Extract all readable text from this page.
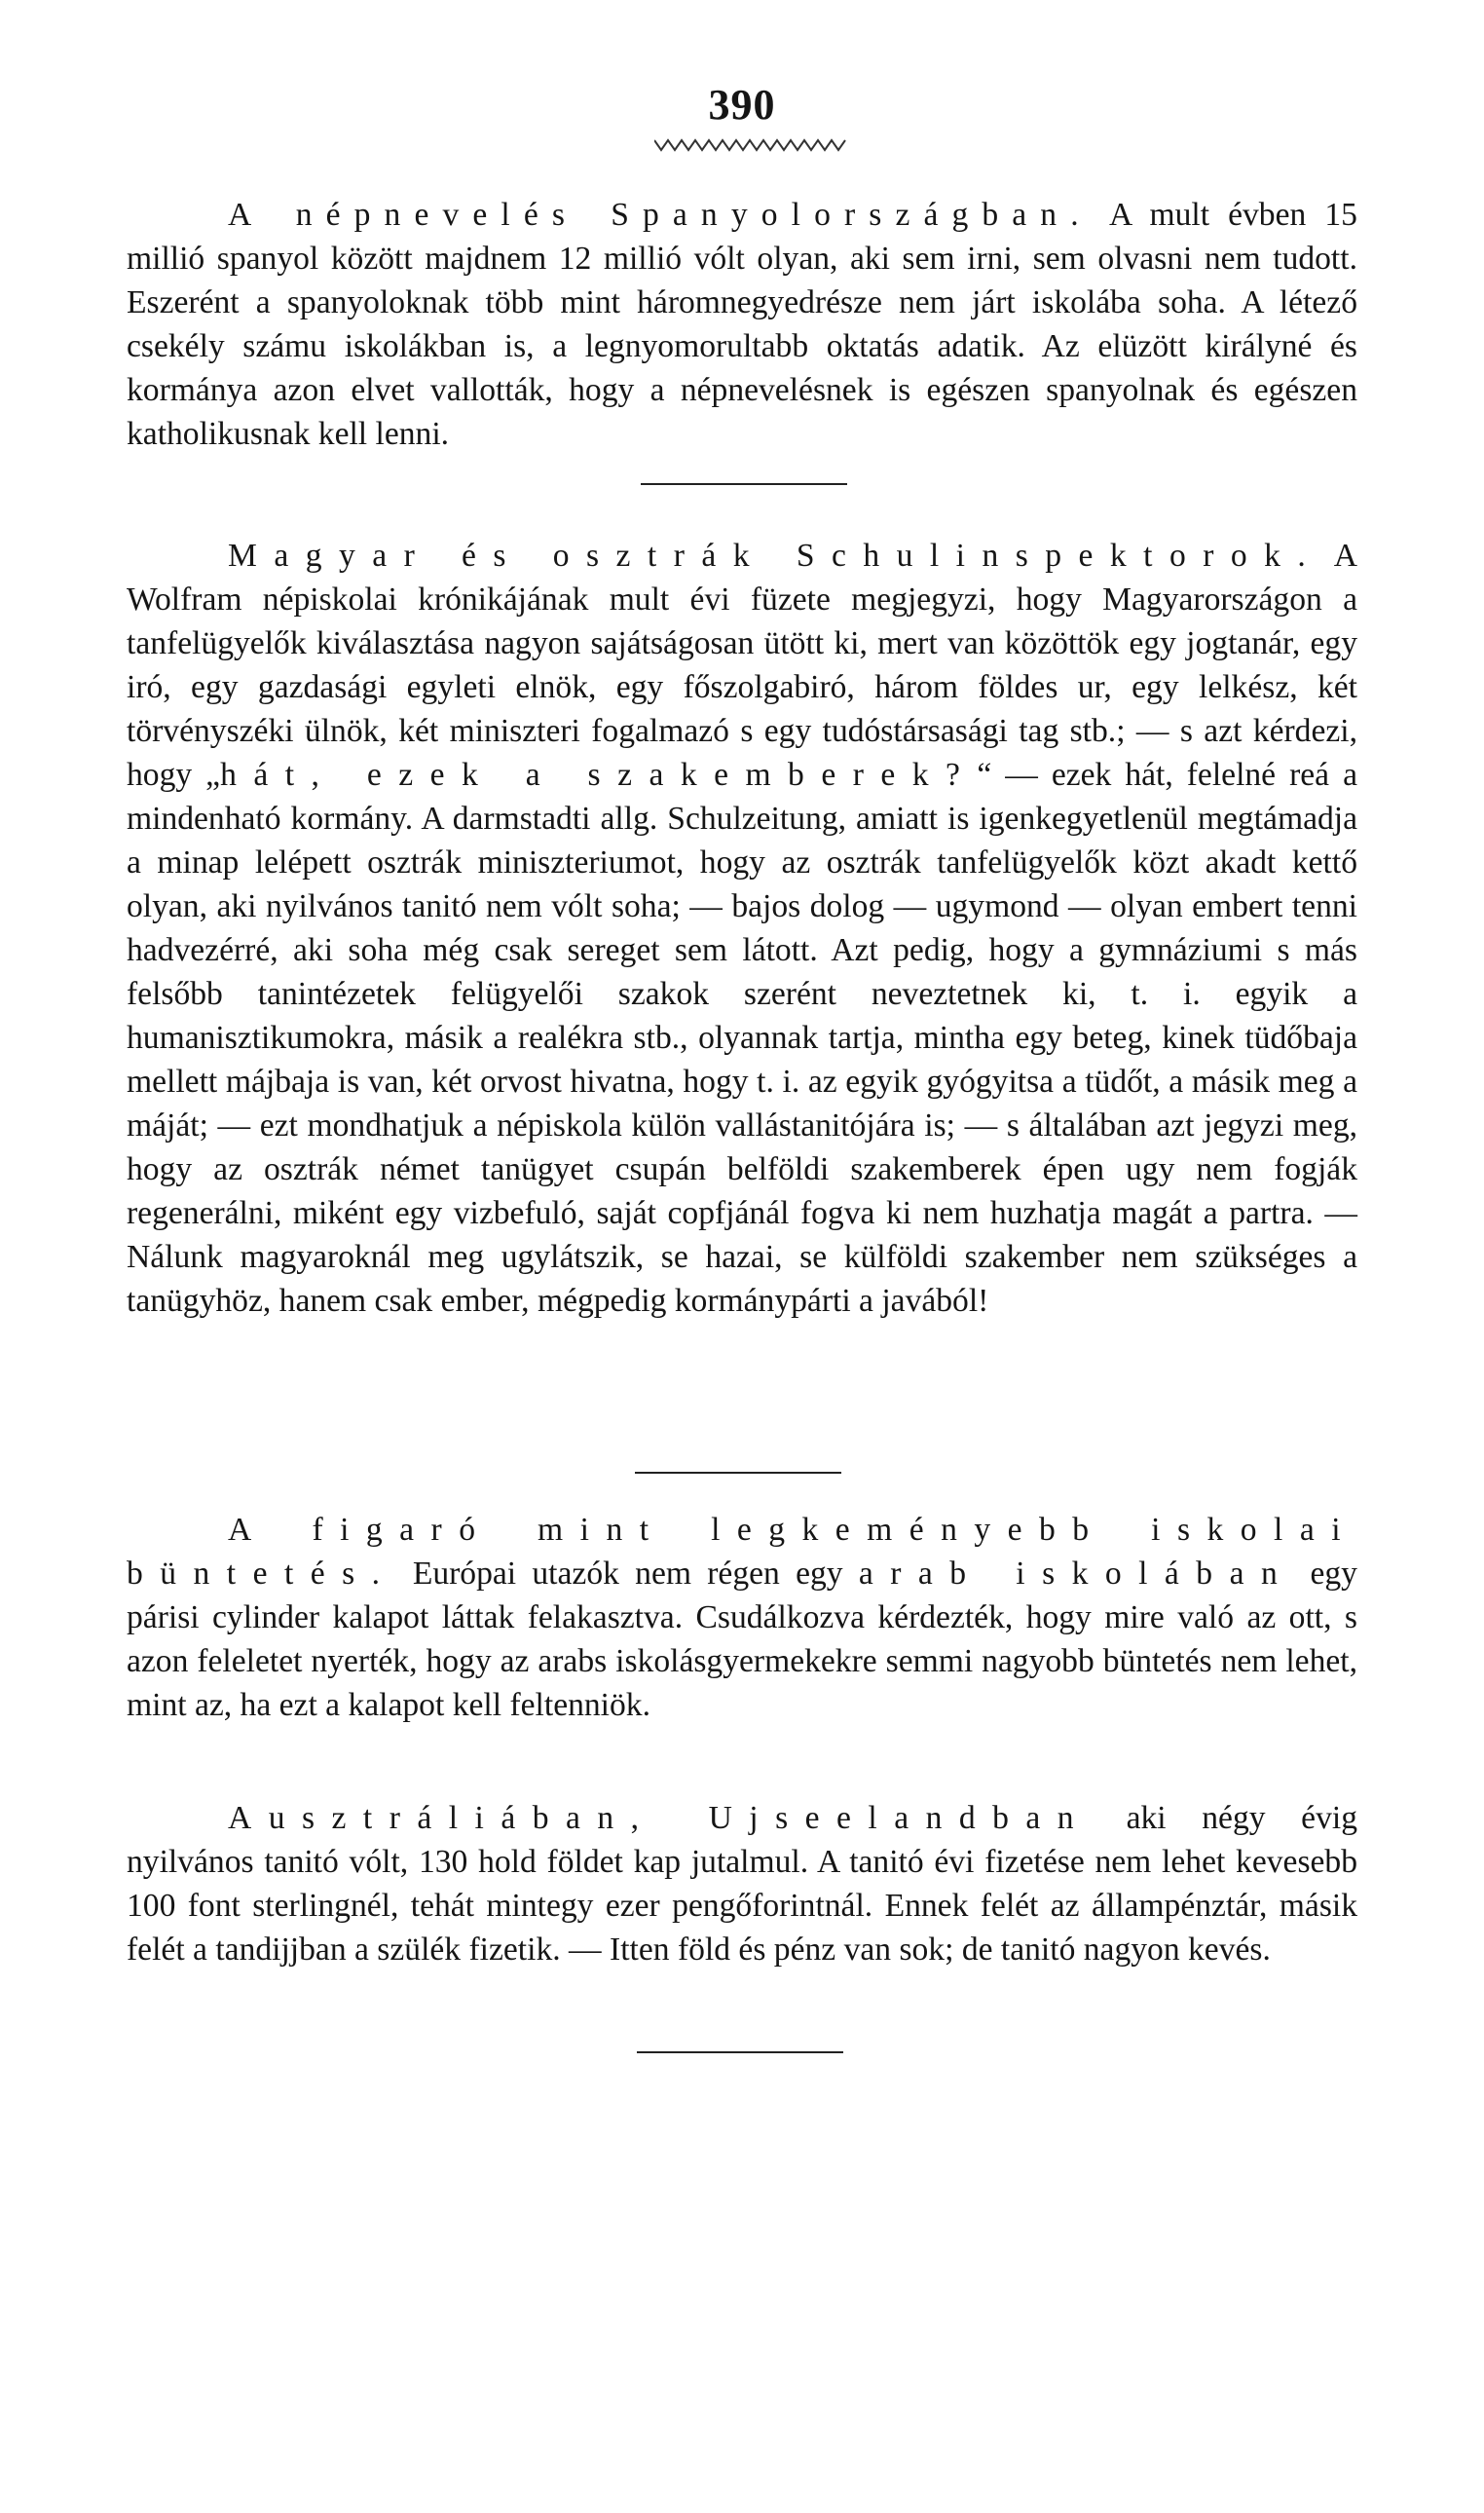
390

A népnevelés Spanyolországban. A mult évben 15 millió spanyol között majdnem 12 millió vólt olyan, aki sem irni, sem olvasni nem tudott. Eszerént a spanyoloknak több mint háromnegyedrésze nem járt iskolába soha. A létező csekély számu iskolákban is, a legnyomorultabb oktatás adatik. Az elüzött királyné és kormánya azon elvet vallották, hogy a népnevelésnek is egészen spanyolnak és egészen katholikusnak kell lenni.

Magyar és osztrák Schulinspektorok. A Wolfram népiskolai krónikájának mult évi füzete megjegyzi, hogy Magyarországon a tanfelügyelők kiválasztása nagyon sajátságosan ütött ki, mert van közöttök egy jogtanár, egy iró, egy gazdasági egyleti elnök, egy főszolgabiró, három földes ur, egy lelkész, két törvényszéki ülnök, két miniszteri fogalmazó s egy tudóstársasági tag stb.; — s azt kérdezi, hogy „hát, ezek a szakemberek?“ — ezek hát, felelné reá a mindenható kormány. A darmstadti allg. Schulzeitung, amiatt is igenkegyetlenül megtámadja a minap lelépett osztrák miniszteriumot, hogy az osztrák tanfelügyelők közt akadt kettő olyan, aki nyilvános tanitó nem vólt soha; — bajos dolog — ugymond — olyan embert tenni hadvezérré, aki soha még csak sereget sem látott. Azt pedig, hogy a gymnáziumi s más felsőbb tanintézetek felügyelői szakok szerént neveztetnek ki, t. i. egyik a humanisztikumokra, másik a realékra stb., olyannak tartja, mintha egy beteg, kinek tüdőbaja mellett májbaja is van, két orvost hivatna, hogy t. i. az egyik gyógyitsa a tüdőt, a másik meg a máját; — ezt mondhatjuk a népiskola külön vallástanitójára is; — s általában azt jegyzi meg, hogy az osztrák német tanügyet csupán belföldi szakemberek épen ugy nem fogják regenerálni, miként egy vizbefuló, saját copfjánál fogva ki nem huzhatja magát a partra. — Nálunk magyaroknál meg ugylátszik, se hazai, se külföldi szakember nem szükséges a tanügyhöz, hanem csak ember, mégpedig kormánypárti a javából!

A figaró mint legkeményebb iskolai büntetés. Európai utazók nem régen egy arab iskolában egy párisi cylinder kalapot láttak felakasztva. Csudálkozva kérdezték, hogy mire való az ott, s azon feleletet nyerték, hogy az arabs iskolásgyermekekre semmi nagyobb büntetés nem lehet, mint az, ha ezt a kalapot kell feltenniök.

Ausztráliában, Ujseelandban aki négy évig nyilvános tanitó vólt, 130 hold földet kap jutalmul. A tanitó évi fizetése nem lehet kevesebb 100 font sterlingnél, tehát mintegy ezer pengőforintnál. Ennek felét az állampénztár, másik felét a tandijjban a szülék fizetik. — Itten föld és pénz van sok; de tanitó nagyon kevés.
